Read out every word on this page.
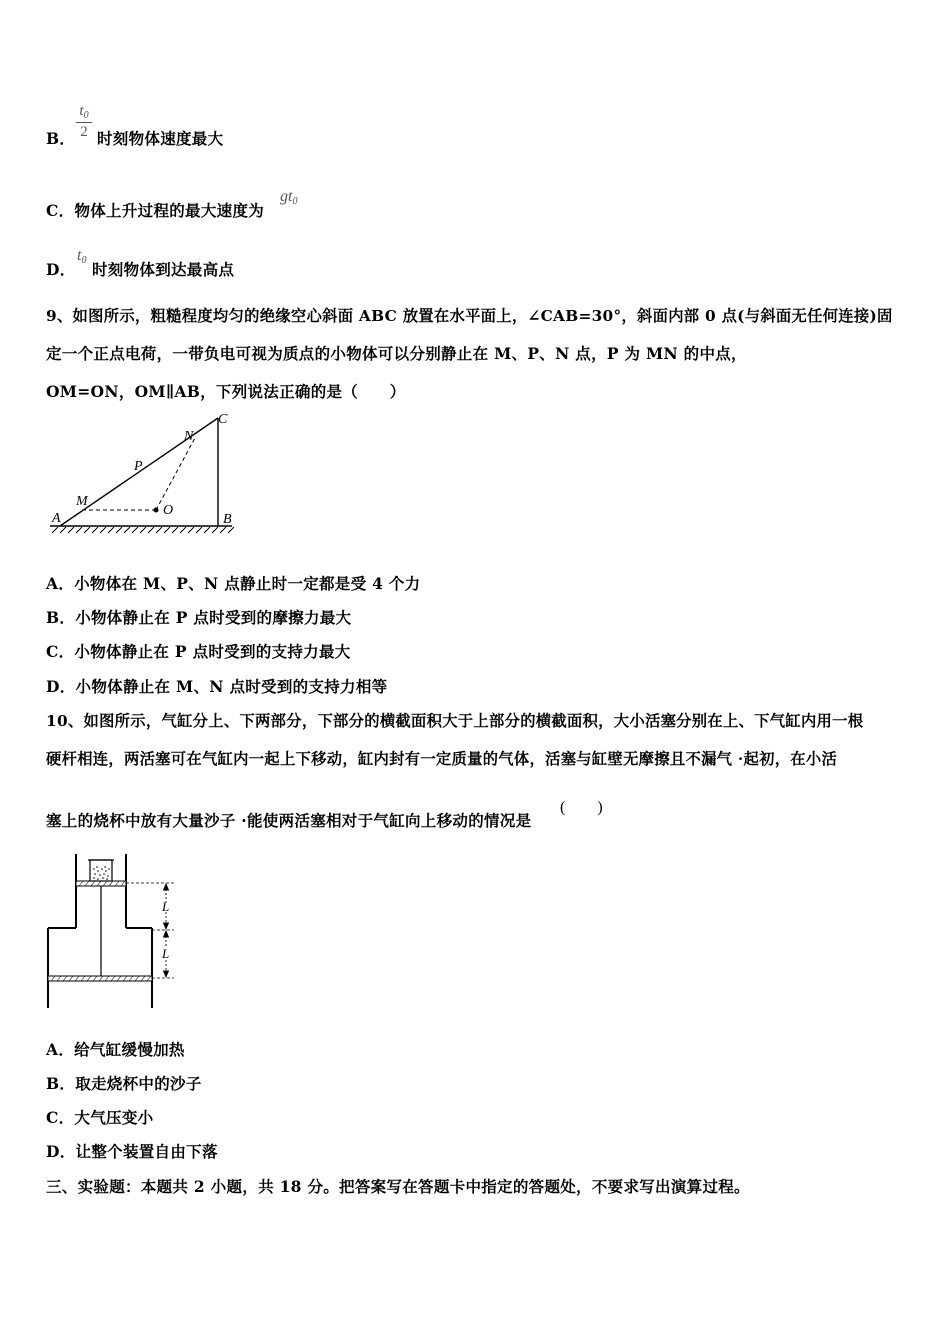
B．
$t_0$
2 时刻物体速度最大
C．物体上升过程的最大速度为
$gt_0$
D．
$t_0$ 时刻物体到达最高点
9、如图所示，粗糙程度均匀的绝缘空心斜面 ABC 放置在水平面上，∠CAB=30°，斜面内部 0 点(与斜面无任何连接)固
定一个正点电荷，一带负电可视为质点的小物体可以分别静止在 M、P、N 点，P 为 MN 的中点，
OM=ON，OM∥AB，下列说法正确的是（　　）
A	B
C
M
P
N
O
A．小物体在 M、P、N 点静止时一定都是受 4 个力
B．小物体静止在 P 点时受到的摩擦力最大
C．小物体静止在 P 点时受到的支持力最大
D．小物体静止在 M、N 点时受到的支持力相等
10、如图所示，气缸分上、下两部分，下部分的横截面积大于上部分的横截面积，大小活塞分别在上、下气缸内用一根
硬杆相连，两活塞可在气缸内一起上下移动，缸内封有一定质量的气体，活塞与缸壁无摩擦且不漏气 ·起初，在小活
塞上的烧杯中放有大量沙子 ·能使两活塞相对于气缸向上移动的情况是
(　　)
L
L
A．给气缸缓慢加热
B．取走烧杯中的沙子
C．大气压变小
D．让整个装置自由下落
三、实验题：本题共 2 小题，共 18 分。把答案写在答题卡中指定的答题处，不要求写出演算过程。
